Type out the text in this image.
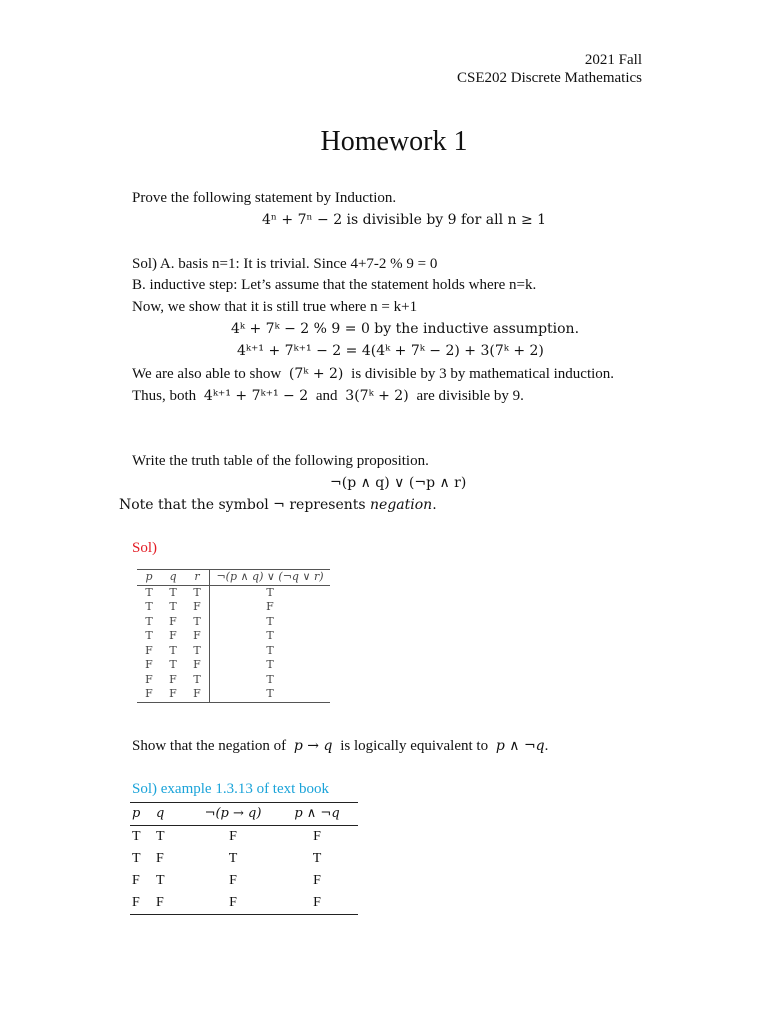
2021 Fall
CSE202 Discrete Mathematics
Homework 1
Prove the following statement by Induction.
4ⁿ + 7ⁿ − 2 is divisible by 9 for all n ≥ 1
Sol) A. basis n=1: It is trivial. Since 4+7-2 % 9 = 0
B. inductive step: Let’s assume that the statement holds where n=k.
Now, we show that it is still true where n = k+1
4ᵏ + 7ᵏ − 2 % 9 = 0 by the inductive assumption.
4ᵏ⁺¹ + 7ᵏ⁺¹ − 2 = 4(4ᵏ + 7ᵏ − 2) + 3(7ᵏ + 2)
We are also able to show (7ᵏ + 2) is divisible by 3 by mathematical induction.
Thus, both 4ᵏ⁺¹ + 7ᵏ⁺¹ − 2 and 3(7ᵏ + 2) are divisible by 9.
Write the truth table of the following proposition.
¬(p ∧ q) ∨ (¬p ∧ r)
Note that the symbol ¬ represents negation.
Sol)
p	q	r	¬(p ∧ q) ∨ (¬q ∨ r)
T	T	T	T
T	T	F	F
T	F	T	T
T	F	F	T
F	T	T	T
F	T	F	T
F	F	T	T
F	F	F	T
Show that the negation of p → q is logically equivalent to p ∧ ¬q.
Sol) example 1.3.13 of text book
p	q	¬(p → q)	p ∧ ¬q
T	T	F	F
T	F	T	T
F	T	F	F
F	F	F	F
